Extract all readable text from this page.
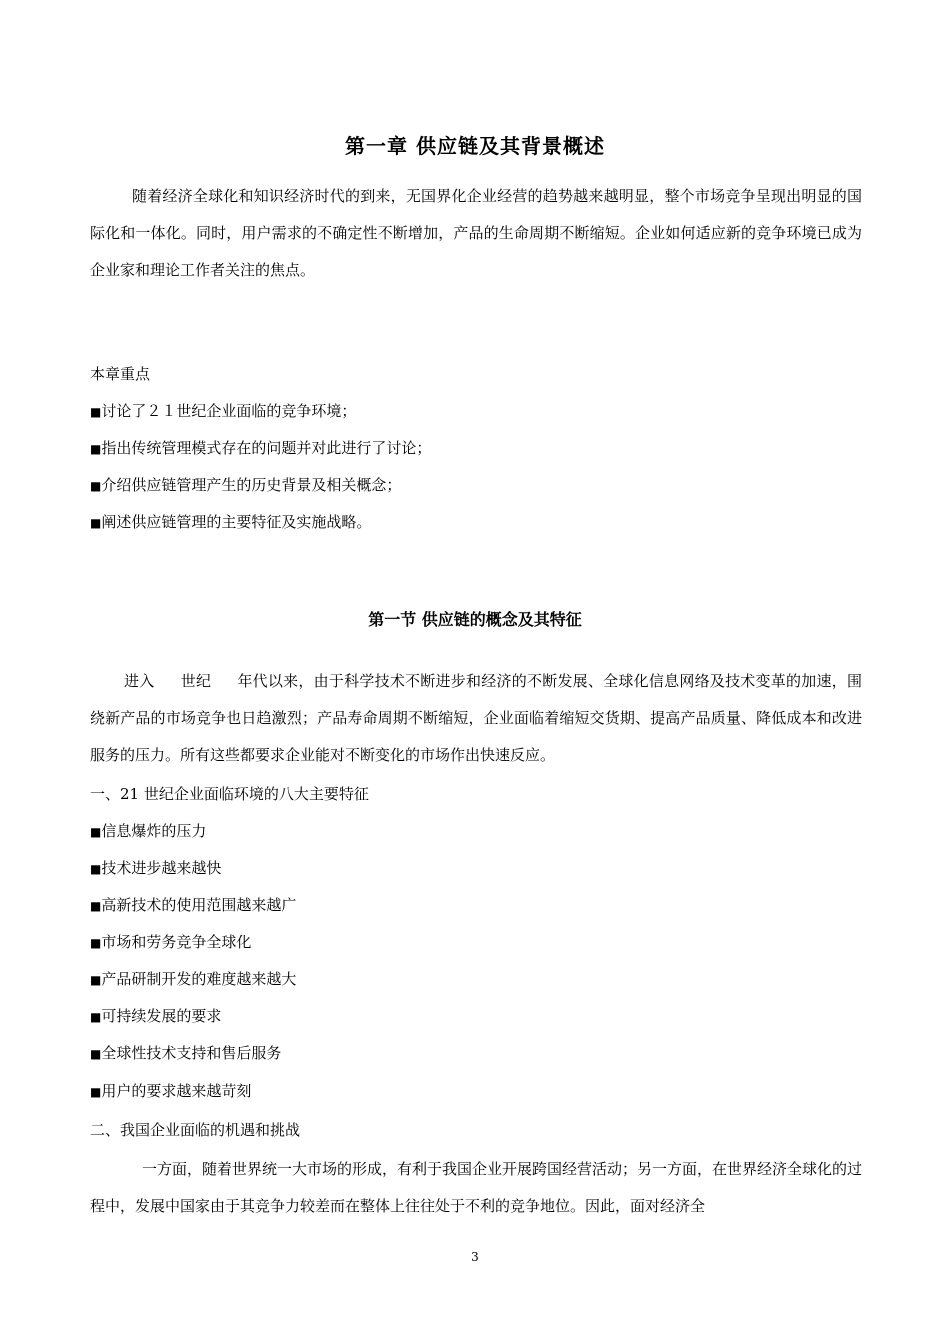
第一章 供应链及其背景概述
随着经济全球化和知识经济时代的到来，无国界化企业经营的趋势越来越明显，整个市场竞争呈现出明显的国际化和一体化。同时，用户需求的不确定性不断增加，产品的生命周期不断缩短。企业如何适应新的竞争环境已成为企业家和理论工作者关注的焦点。
本章重点
■讨论了２１世纪企业面临的竞争环境；
■指出传统管理模式存在的问题并对此进行了讨论；
■介绍供应链管理产生的历史背景及相关概念；
■阐述供应链管理的主要特征及实施战略。
第一节 供应链的概念及其特征
进入 世纪 年代以来，由于科学技术不断进步和经济的不断发展、全球化信息网络及技术变革的加速，围绕新产品的市场竞争也日趋激烈；产品寿命周期不断缩短，企业面临着缩短交货期、提高产品质量、降低成本和改进服务的压力。所有这些都要求企业能对不断变化的市场作出快速反应。
一、21 世纪企业面临环境的八大主要特征
■信息爆炸的压力
■技术进步越来越快
■高新技术的使用范围越来越广
■市场和劳务竞争全球化
■产品研制开发的难度越来越大
■可持续发展的要求
■全球性技术支持和售后服务
■用户的要求越来越苛刻
二、我国企业面临的机遇和挑战
一方面，随着世界统一大市场的形成，有利于我国企业开展跨国经营活动；另一方面，在世界经济全球化的过程中，发展中国家由于其竞争力较差而在整体上往往处于不利的竞争地位。因此，面对经济全
3
